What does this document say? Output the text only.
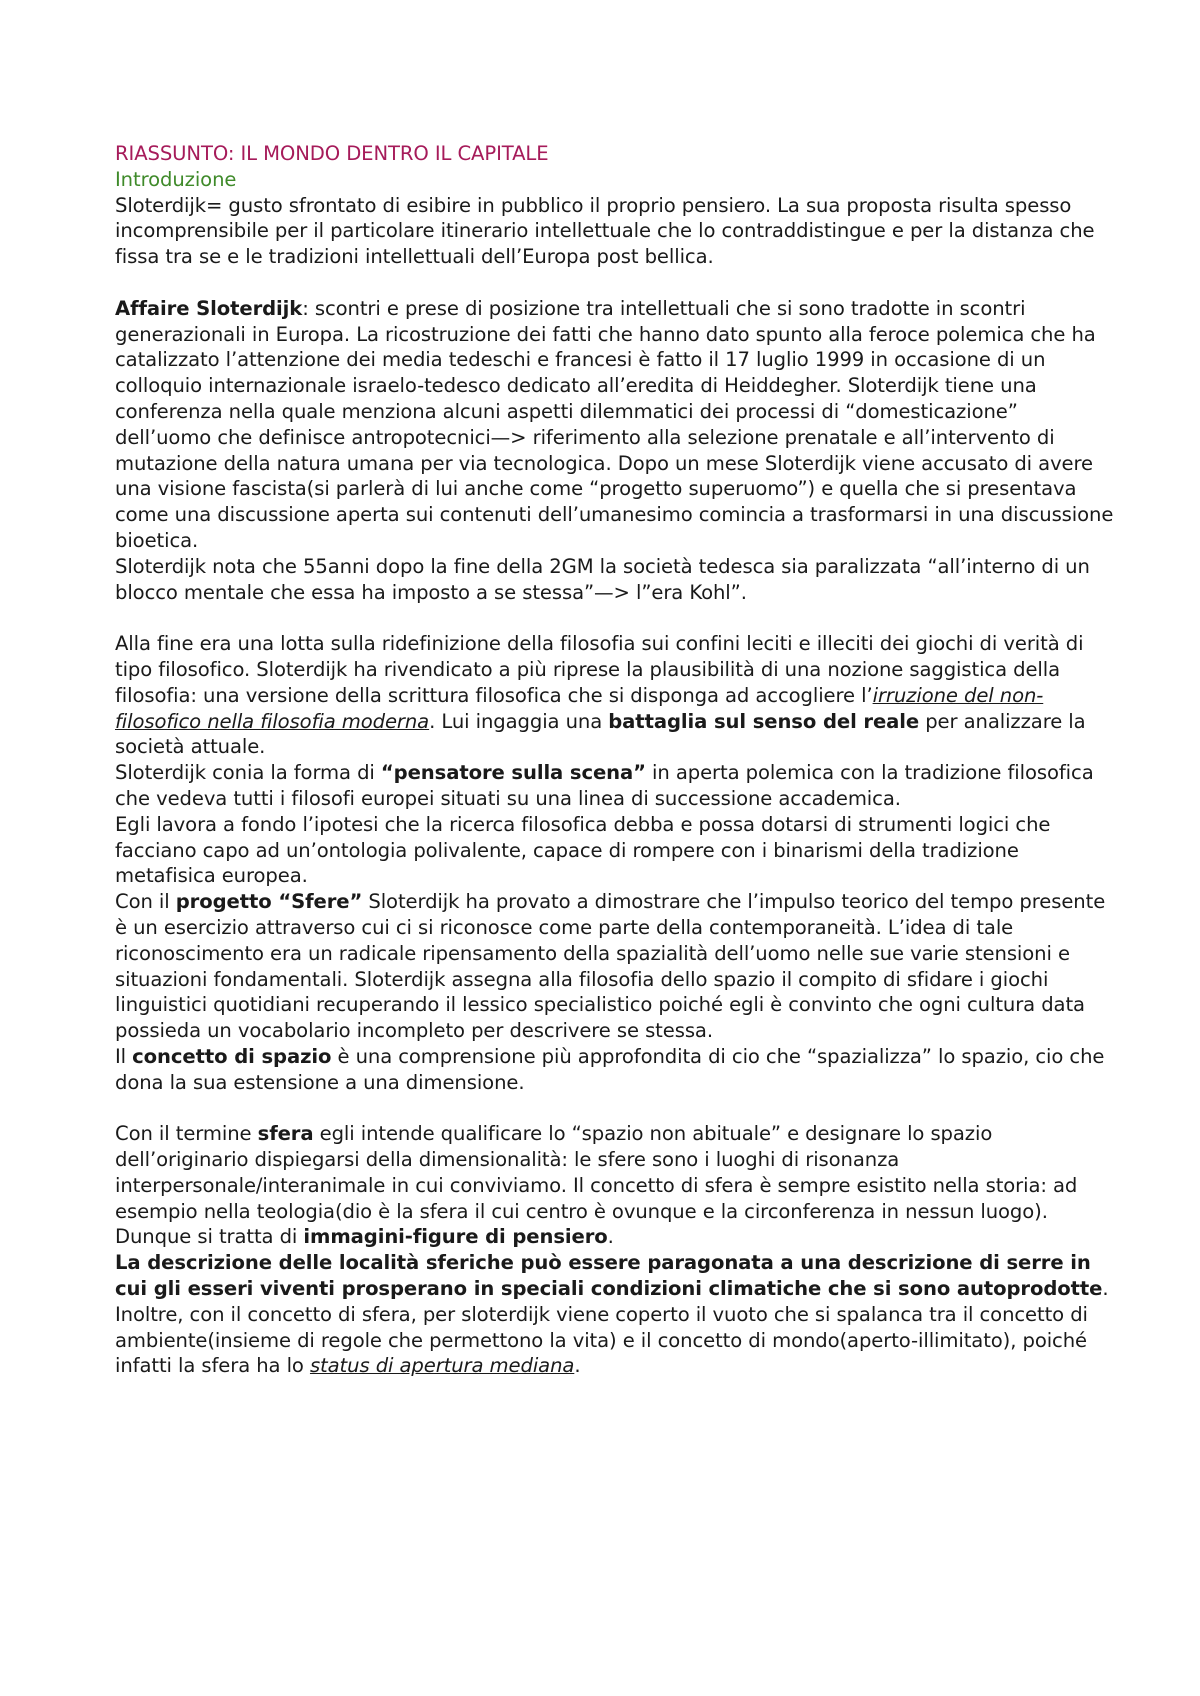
RIASSUNTO: IL MONDO DENTRO IL CAPITALE

Introduzione

Sloterdijk= gusto sfrontato di esibire in pubblico il proprio pensiero. La sua proposta risulta spesso incomprensibile per il particolare itinerario intellettuale che lo contraddistingue e per la distanza che fissa tra se e le tradizioni intellettuali dell’Europa post bellica.

Affaire Sloterdijk: scontri e prese di posizione tra intellettuali che si sono tradotte in scontri generazionali in Europa. La ricostruzione dei fatti che hanno dato spunto alla feroce polemica che ha catalizzato l’attenzione dei media tedeschi e francesi è fatto il 17 luglio 1999 in occasione di un colloquio internazionale israelo-tedesco dedicato all’eredita di Heiddegher. Sloterdijk tiene una conferenza nella quale menziona alcuni aspetti dilemmatici dei processi di “domesticazione” dell’uomo che definisce antropotecnici—> riferimento alla selezione prenatale e all’intervento di mutazione della natura umana per via tecnologica. Dopo un mese Sloterdijk viene accusato di avere una visione fascista(si parlerà di lui anche come “progetto superuomo”) e quella che si presentava come una discussione aperta sui contenuti dell’umanesimo comincia a trasformarsi in una discussione bioetica.

Sloterdijk nota che 55anni dopo la fine della 2GM la società tedesca sia paralizzata “all’interno di un blocco mentale che essa ha imposto a se stessa”—> l”era Kohl”.

Alla fine era una lotta sulla ridefinizione della filosofia sui confini leciti e illeciti dei giochi di verità di tipo filosofico. Sloterdijk ha rivendicato a più riprese la plausibilità di una nozione saggistica della filosofia: una versione della scrittura filosofica che si disponga ad accogliere l’irruzione del non-filosofico nella filosofia moderna. Lui ingaggia una battaglia sul senso del reale per analizzare la società attuale.

Sloterdijk conia la forma di “pensatore sulla scena” in aperta polemica con la tradizione filosofica che vedeva tutti i filosofi europei situati su una linea di successione accademica.

Egli lavora a fondo l’ipotesi che la ricerca filosofica debba e possa dotarsi di strumenti logici che facciano capo ad un’ontologia polivalente, capace di rompere con i binarismi della tradizione metafisica europea.

Con il progetto “Sfere” Sloterdijk ha provato a dimostrare che l’impulso teorico del tempo presente è un esercizio attraverso cui ci si riconosce come parte della contemporaneità. L’idea di tale riconoscimento era un radicale ripensamento della spazialità dell’uomo nelle sue varie stensioni e situazioni fondamentali. Sloterdijk assegna alla filosofia dello spazio il compito di sfidare i giochi linguistici quotidiani recuperando il lessico specialistico poiché egli è convinto che ogni cultura data possieda un vocabolario incompleto per descrivere se stessa.

Il concetto di spazio è una comprensione più approfondita di cio che “spazializza” lo spazio, cio che dona la sua estensione a una dimensione.

Con il termine sfera egli intende qualificare lo “spazio non abituale” e designare lo spazio dell’originario dispiegarsi della dimensionalità: le sfere sono i luoghi di risonanza interpersonale/interanimale in cui conviviamo. Il concetto di sfera è sempre esistito nella storia: ad esempio nella teologia(dio è la sfera il cui centro è ovunque e la circonferenza in nessun luogo).

Dunque si tratta di immagini-figure di pensiero.

La descrizione delle località sferiche può essere paragonata a una descrizione di serre in cui gli esseri viventi prosperano in speciali condizioni climatiche che si sono autoprodotte. Inoltre, con il concetto di sfera, per sloterdijk viene coperto il vuoto che si spalanca tra il concetto di ambiente(insieme di regole che permettono la vita) e il concetto di mondo(aperto-illimitato), poiché infatti la sfera ha lo status di apertura mediana.
